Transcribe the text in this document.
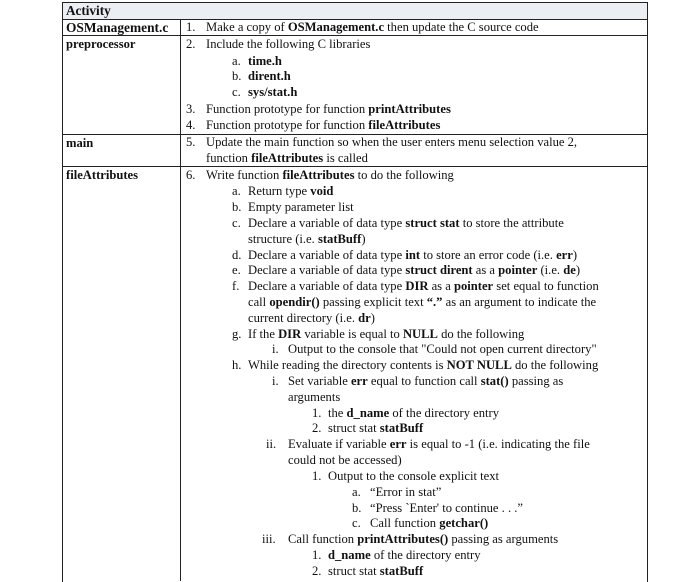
Activity
OSManagement.c
preprocessor
main
fileAttributes
1. Make a copy of OSManagement.c then update the C source code
2. Include the following C libraries
a. time.h
b. dirent.h
c. sys/stat.h
3. Function prototype for function printAttributes
4. Function prototype for function fileAttributes
5. Update the main function so when the user enters menu selection value 2,
function fileAttributes is called
6. Write function fileAttributes to do the following
a. Return type void
b. Empty parameter list
c. Declare a variable of data type struct stat to store the attribute
structure (i.e. statBuff)
d. Declare a variable of data type int to store an error code (i.e. err)
e. Declare a variable of data type struct dirent as a pointer (i.e. de)
f. Declare a variable of data type DIR as a pointer set equal to function
call opendir() passing explicit text “.” as an argument to indicate the
current directory (i.e. dr)
g. If the DIR variable is equal to NULL do the following
i. Output to the console that "Could not open current directory"
h. While reading the directory contents is NOT NULL do the following
i. Set variable err equal to function call stat() passing as
arguments
1. the d_name of the directory entry
2. struct stat statBuff
ii. Evaluate if variable err is equal to -1 (i.e. indicating the file
could not be accessed)
1. Output to the console explicit text
a. “Error in stat”
b. “Press `Enter' to continue . . .”
c. Call function getchar()
iii. Call function printAttributes() passing as arguments
1. d_name of the directory entry
2. struct stat statBuff
